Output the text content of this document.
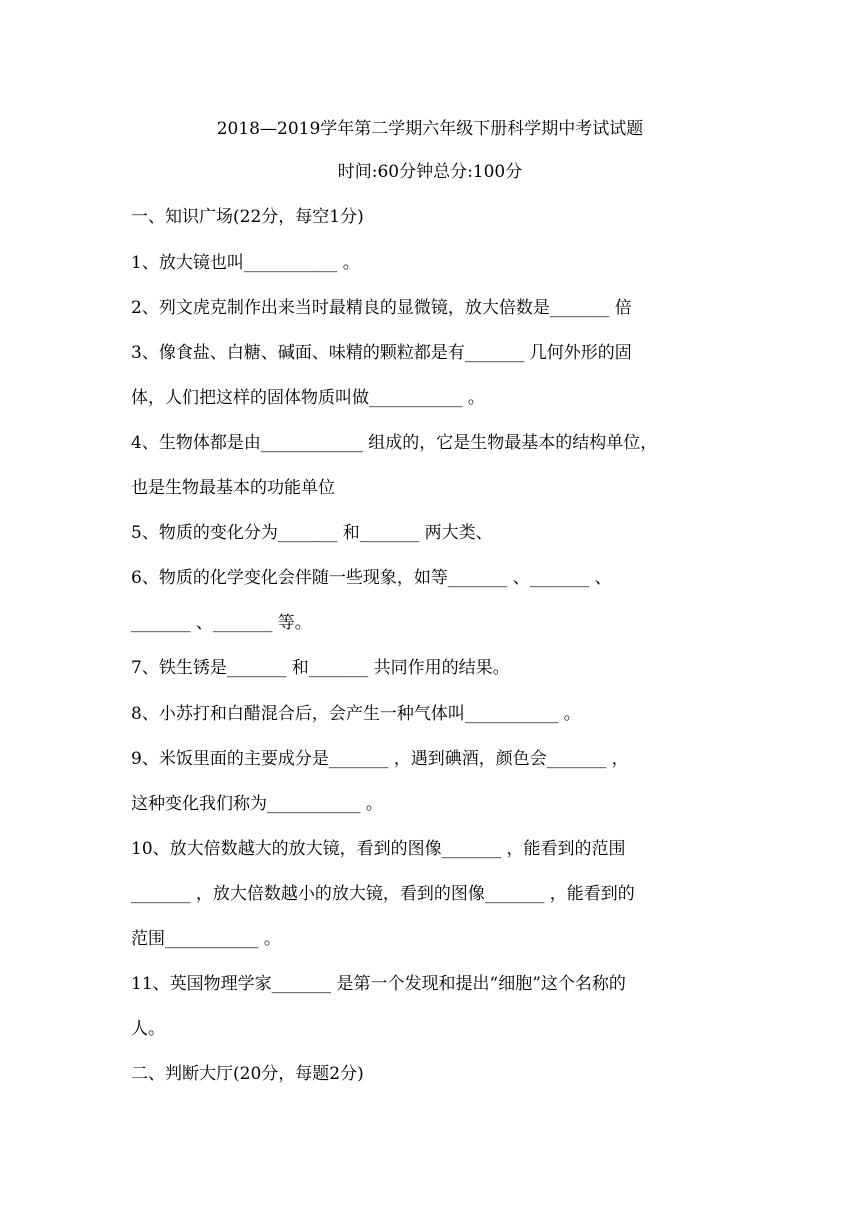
2018—2019学年第二学期六年级下册科学期中考试试题
时间:60分钟总分:100分
一、知识广场(22分，每空1分)
1、放大镜也叫___________ 。
2、列文虎克制作出来当时最精良的显微镜，放大倍数是_______ 倍
3、像食盐、白糖、碱面、味精的颗粒都是有_______ 几何外形的固
体，人们把这样的固体物质叫做___________ 。
4、生物体都是由____________ 组成的，它是生物最基本的结构单位，
也是生物最基本的功能单位
5、物质的变化分为_______ 和_______ 两大类、
6、物质的化学变化会伴随一些现象，如等_______ 、_______ 、
_______ 、_______ 等。
7、铁生锈是_______ 和_______ 共同作用的结果。
8、小苏打和白醋混合后，会产生一种气体叫___________ 。
9、米饭里面的主要成分是_______ ，遇到碘酒，颜色会_______ ，
这种变化我们称为___________ 。
10、放大倍数越大的放大镜，看到的图像_______ ，能看到的范围
_______ ，放大倍数越小的放大镜，看到的图像_______ ，能看到的
范围___________ 。
11、英国物理学家_______ 是第一个发现和提出“细胞”这个名称的
人。
二、判断大厅(20分，每题2分)
